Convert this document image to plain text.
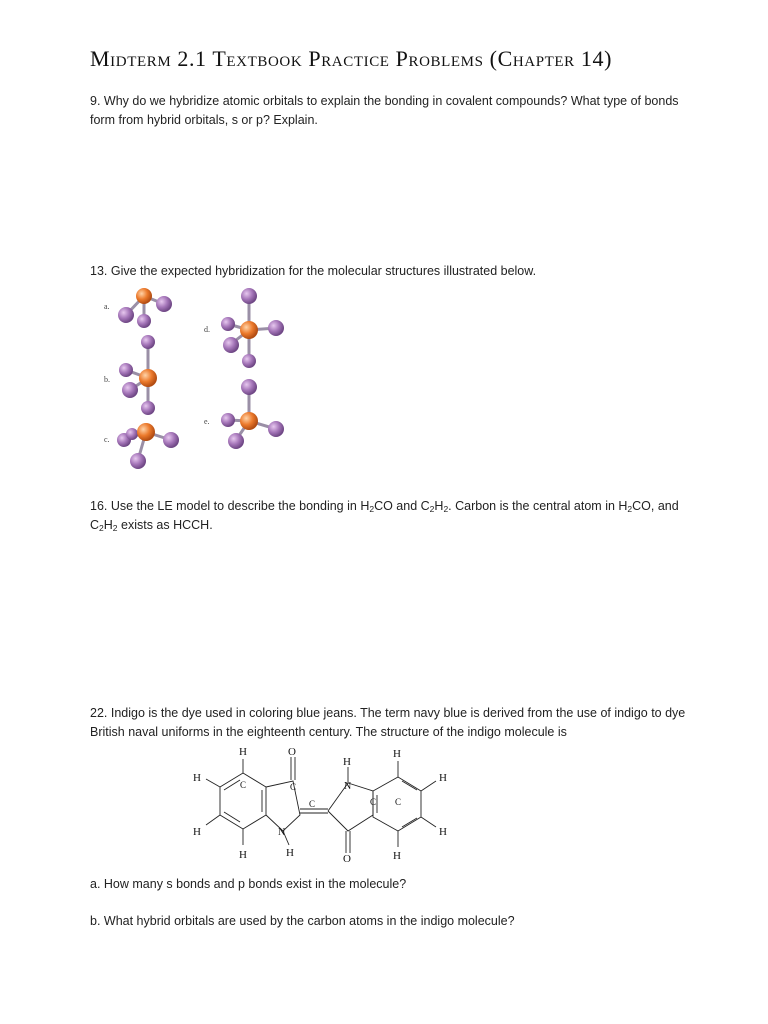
Midterm 2.1 Textbook Practice Problems (Chapter 14)
9. Why do we hybridize atomic orbitals to explain the bonding in covalent compounds? What type of bonds form from hybrid orbitals, s or p? Explain.
13. Give the expected hybridization for the molecular structures illustrated below.
a.
b.
c.
d.
e.
16. Use the LE model to describe the bonding in $H_2CO$ and $C_2H_2$. Carbon is the central atom in $H_2CO$, and $C_2H_2$ exists as HCCH.
22. Indigo is the dye used in coloring blue jeans. The term navy blue is derived from the use of indigo to dye British naval uniforms in the eighteenth century. The structure of the indigo molecule is
H	O
H
H
H	H
N
N
H	H
H	H	O	H
C	C
C	C C
a. How many s bonds and p bonds exist in the molecule?
b. What hybrid orbitals are used by the carbon atoms in the indigo molecule?
